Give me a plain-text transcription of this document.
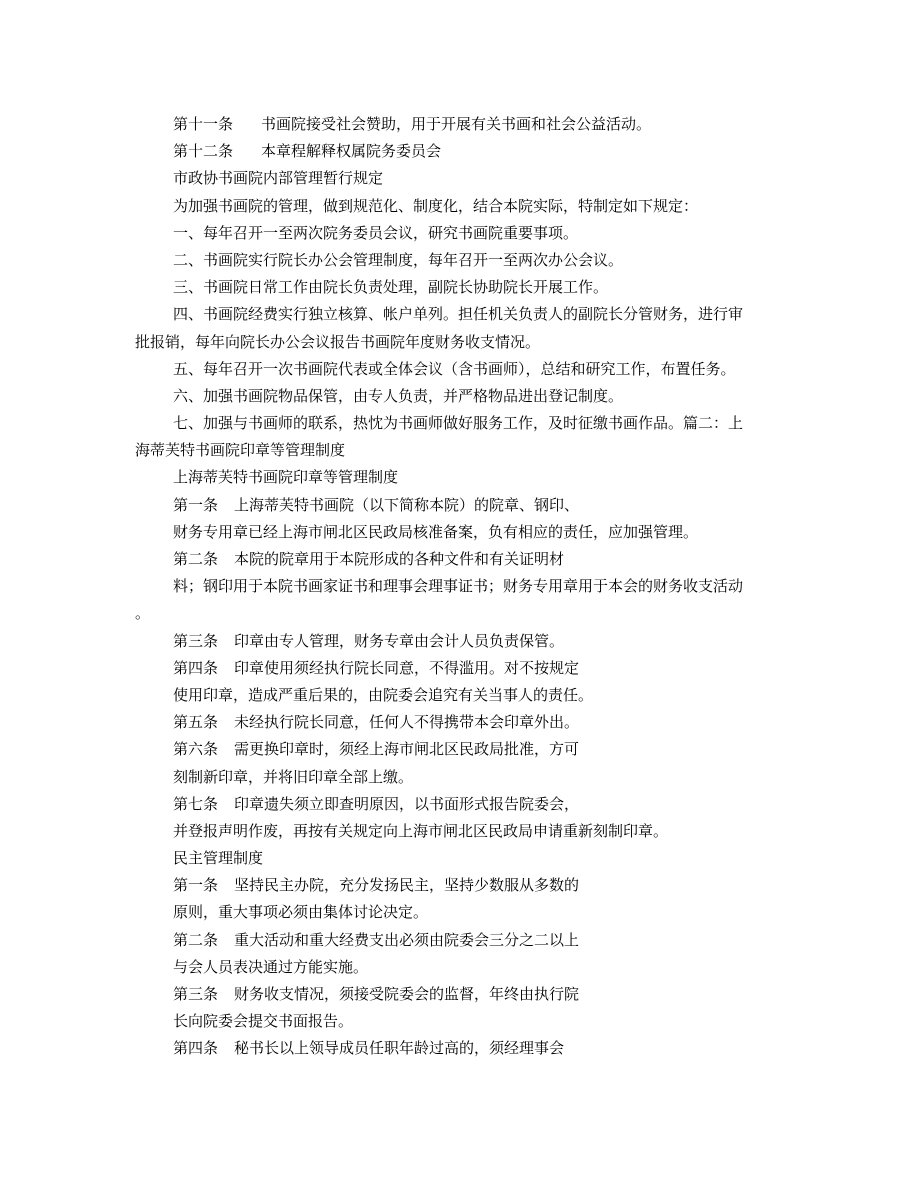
第十一条 书画院接受社会赞助，用于开展有关书画和社会公益活动。
第十二条 本章程解释权属院务委员会
市政协书画院内部管理暂行规定
为加强书画院的管理，做到规范化、制度化，结合本院实际，特制定如下规定：
一、每年召开一至两次院务委员会议，研究书画院重要事项。
二、书画院实行院长办公会管理制度，每年召开一至两次办公会议。
三、书画院日常工作由院长负责处理，副院长协助院长开展工作。
四、书画院经费实行独立核算、帐户单列。担任机关负责人的副院长分管财务，进行审
批报销，每年向院长办公会议报告书画院年度财务收支情况。
五、每年召开一次书画院代表或全体会议（含书画师），总结和研究工作，布置任务。
六、加强书画院物品保管，由专人负责，并严格物品进出登记制度。
七、加强与书画师的联系，热忱为书画师做好服务工作，及时征缴书画作品。篇二：上
海蒂芙特书画院印章等管理制度
上海蒂芙特书画院印章等管理制度
第一条 上海蒂芙特书画院（以下简称本院）的院章、钢印、
财务专用章已经上海市闸北区民政局核准备案，负有相应的责任，应加强管理。
第二条 本院的院章用于本院形成的各种文件和有关证明材
料；钢印用于本院书画家证书和理事会理事证书；财务专用章用于本会的财务收支活动
。
第三条 印章由专人管理，财务专章由会计人员负责保管。
第四条 印章使用须经执行院长同意，不得滥用。对不按规定
使用印章，造成严重后果的，由院委会追究有关当事人的责任。
第五条 未经执行院长同意，任何人不得携带本会印章外出。
第六条 需更换印章时，须经上海市闸北区民政局批准，方可
刻制新印章，并将旧印章全部上缴。
第七条 印章遗失须立即查明原因，以书面形式报告院委会，
并登报声明作废，再按有关规定向上海市闸北区民政局申请重新刻制印章。
民主管理制度
第一条 坚持民主办院，充分发扬民主，坚持少数服从多数的
原则，重大事项必须由集体讨论决定。
第二条 重大活动和重大经费支出必须由院委会三分之二以上
与会人员表决通过方能实施。
第三条 财务收支情况，须接受院委会的监督，年终由执行院
长向院委会提交书面报告。
第四条 秘书长以上领导成员任职年龄过高的，须经理事会
